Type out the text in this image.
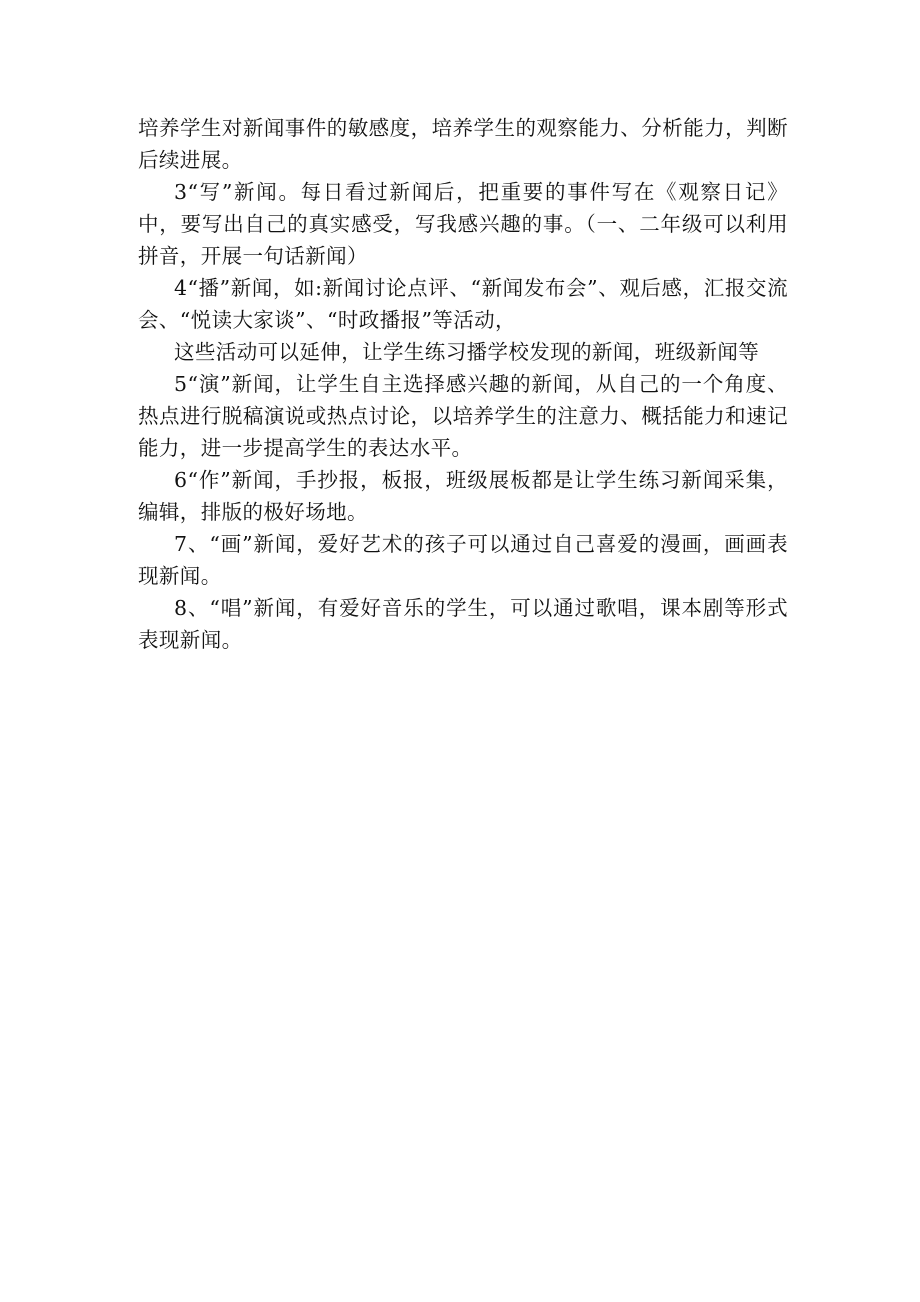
培养学生对新闻事件的敏感度，培养学生的观察能力、分析能力，判断后续进展。

3“写”新闻。每日看过新闻后，把重要的事件写在《观察日记》中，要写出自己的真实感受，写我感兴趣的事。（一、二年级可以利用拼音，开展一句话新闻）

4“播”新闻，如:新闻讨论点评、“新闻发布会”、观后感，汇报交流会、“悦读大家谈”、“时政播报”等活动，

这些活动可以延伸，让学生练习播学校发现的新闻，班级新闻等

5“演”新闻，让学生自主选择感兴趣的新闻，从自己的一个角度、热点进行脱稿演说或热点讨论，以培养学生的注意力、概括能力和速记能力，进一步提高学生的表达水平。

6“作”新闻，手抄报，板报，班级展板都是让学生练习新闻采集，编辑，排版的极好场地。

7、“画”新闻，爱好艺术的孩子可以通过自己喜爱的漫画，画画表现新闻。

8、“唱”新闻，有爱好音乐的学生，可以通过歌唱，课本剧等形式表现新闻。
